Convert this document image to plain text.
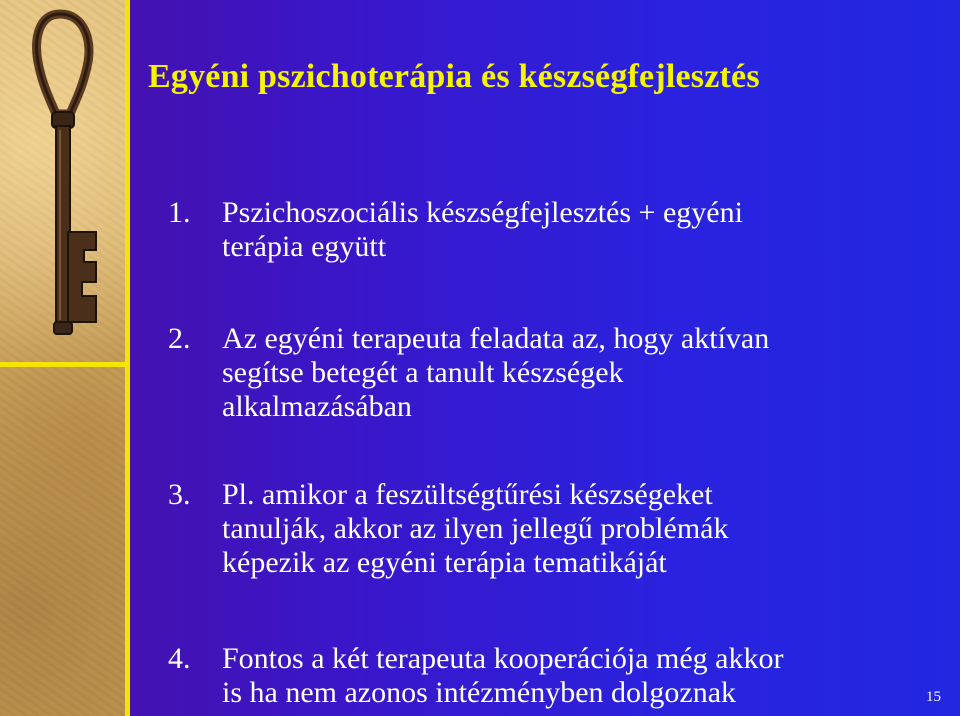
Egyéni pszichoterápia és készségfejlesztés
1. Pszichoszociális készségfejlesztés + egyéni
terápia együtt
2. Az egyéni terapeuta feladata az, hogy aktívan
segítse betegét a tanult készségek
alkalmazásában
3. Pl. amikor a feszültségtűrési készségeket
tanulják, akkor az ilyen jellegű problémák
képezik az egyéni terápia tematikáját
4. Fontos a két terapeuta kooperációja még akkor
is ha nem azonos intézményben dolgoznak	15
